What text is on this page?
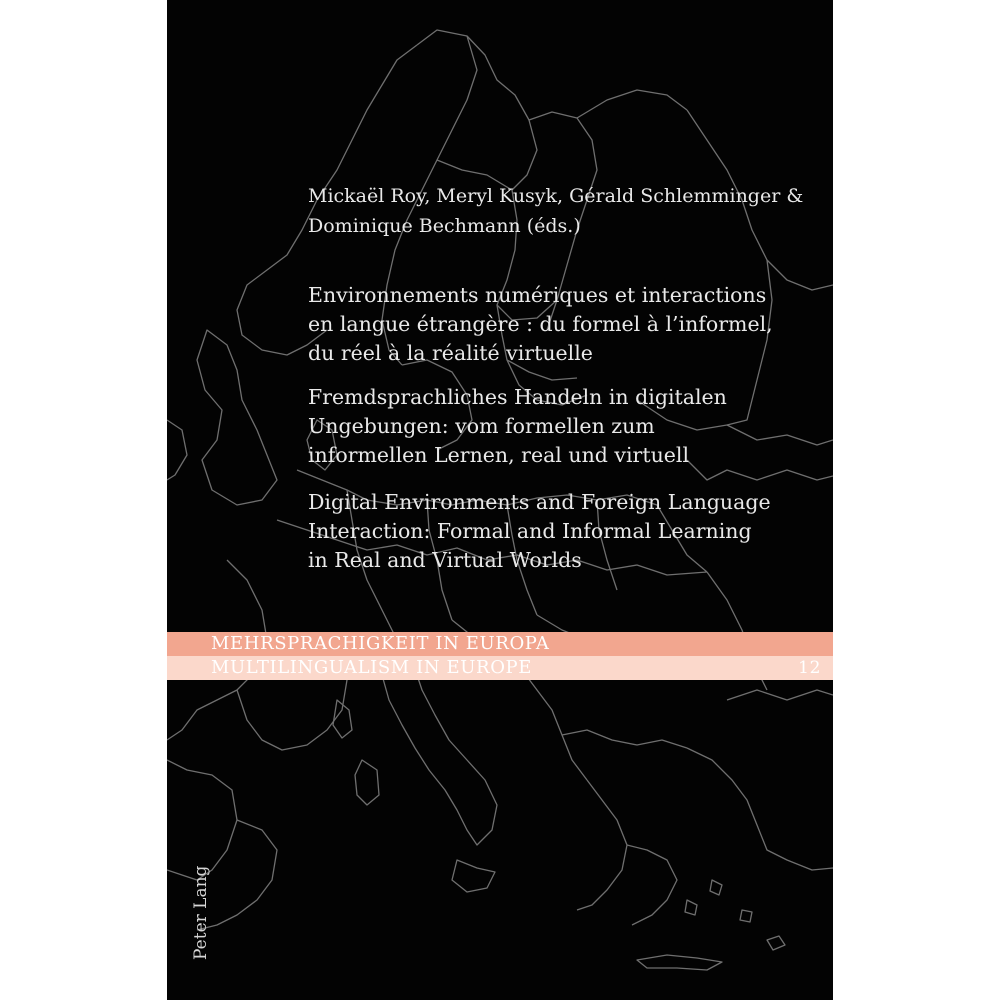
Mickaël Roy, Meryl Kusyk, Gérald Schlemminger &
Dominique Bechmann (éds.)
Environnements numériques et interactions
en langue étrangère : du formel à l’informel,
du réel à la réalité virtuelle
Fremdsprachliches Handeln in digitalen
Ungebungen: vom formellen zum
informellen Lernen, real und virtuell
Digital Environments and Foreign Language
Interaction: Formal and Informal Learning
in Real and Virtual Worlds
MEHRSPRACHIGKEIT IN EUROPA
MULTILINGUALISM IN EUROPE	12
Peter Lang
